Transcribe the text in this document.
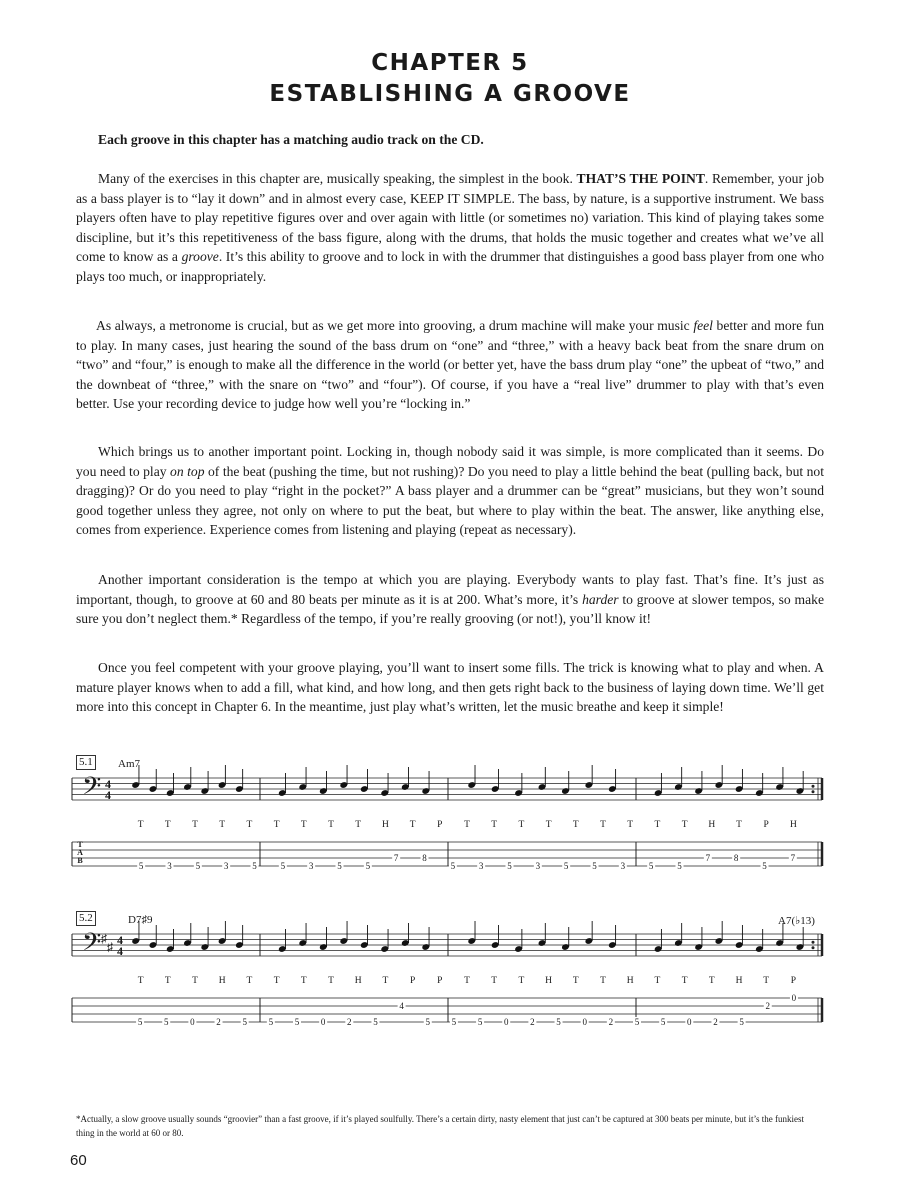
CHAPTER 5
ESTABLISHING A GROOVE
Each groove in this chapter has a matching audio track on the CD.
Many of the exercises in this chapter are, musically speaking, the simplest in the book. THAT’S THE POINT. Remember, your job as a bass player is to “lay it down” and in almost every case, KEEP IT SIMPLE. The bass, by nature, is a supportive instrument. We bass players often have to play repetitive figures over and over again with little (or sometimes no) variation. This kind of playing takes some discipline, but it’s this repetitiveness of the bass figure, along with the drums, that holds the music together and creates what we’ve all come to know as a groove. It’s this ability to groove and to lock in with the drummer that distinguishes a good bass player from one who plays too much, or inappropriately.
As always, a metronome is crucial, but as we get more into grooving, a drum machine will make your music feel better and more fun to play. In many cases, just hearing the sound of the bass drum on “one” and “three,” with a heavy back beat from the snare drum on “two” and “four,” is enough to make all the difference in the world (or better yet, have the bass drum play “one” the upbeat of “two,” and the downbeat of “three,” with the snare on “two” and “four”). Of course, if you have a “real live” drummer to play with that’s even better. Use your recording device to judge how well you’re “locking in.”
Which brings us to another important point. Locking in, though nobody said it was simple, is more complicated than it seems. Do you need to play on top of the beat (pushing the time, but not rushing)? Do you need to play a little behind the beat (pulling back, but not dragging)? Or do you need to play “right in the pocket?” A bass player and a drummer can be “great” musicians, but they won’t sound good together unless they agree, not only on where to put the beat, but where to play within the beat. The answer, like anything else, comes from experience. Experience comes from listening and playing (repeat as necessary).
Another important consideration is the tempo at which you are playing. Everybody wants to play fast. That’s fine. It’s just as important, though, to groove at 60 and 80 beats per minute as it is at 200. What’s more, it’s harder to groove at slower tempos, so make sure you don’t neglect them.* Regardless of the tempo, if you’re really grooving (or not!), you’ll know it!
Once you feel competent with your groove playing, you’ll want to insert some fills. The trick is knowing what to play and when. A mature player knows when to add a fill, what kind, and how long, and then gets right back to the business of laying down time. We’ll get more into this concept in Chapter 6. In the meantime, just play what’s written, let the music breathe and keep it simple!
5.1 Am7
𝄢 4
4
T T T T T T T T T H T P T T T T T T T T T H T P H
T
A
B
5	3	5	3	5	5	3	5	5
7	8
5	3	5	3	5	5	3	5	5
7	8
5
7
5.2	D7♯9	A7(♭13)
𝄢 ♯
♯ 4
4
T T T H T T T T H T P P T T T H T T H T T T H T P
5 5 0 2 5 5 5 0 2 5
4
5 5 5 0 2 5 0 2 5 5 0 2 5
2
0
*Actually, a slow groove usually sounds “groovier” than a fast groove, if it’s played soulfully. There’s a certain dirty, nasty element that just can’t be captured at 300 beats per minute, but it’s the funkiest thing in the world at 60 or 80.
60
